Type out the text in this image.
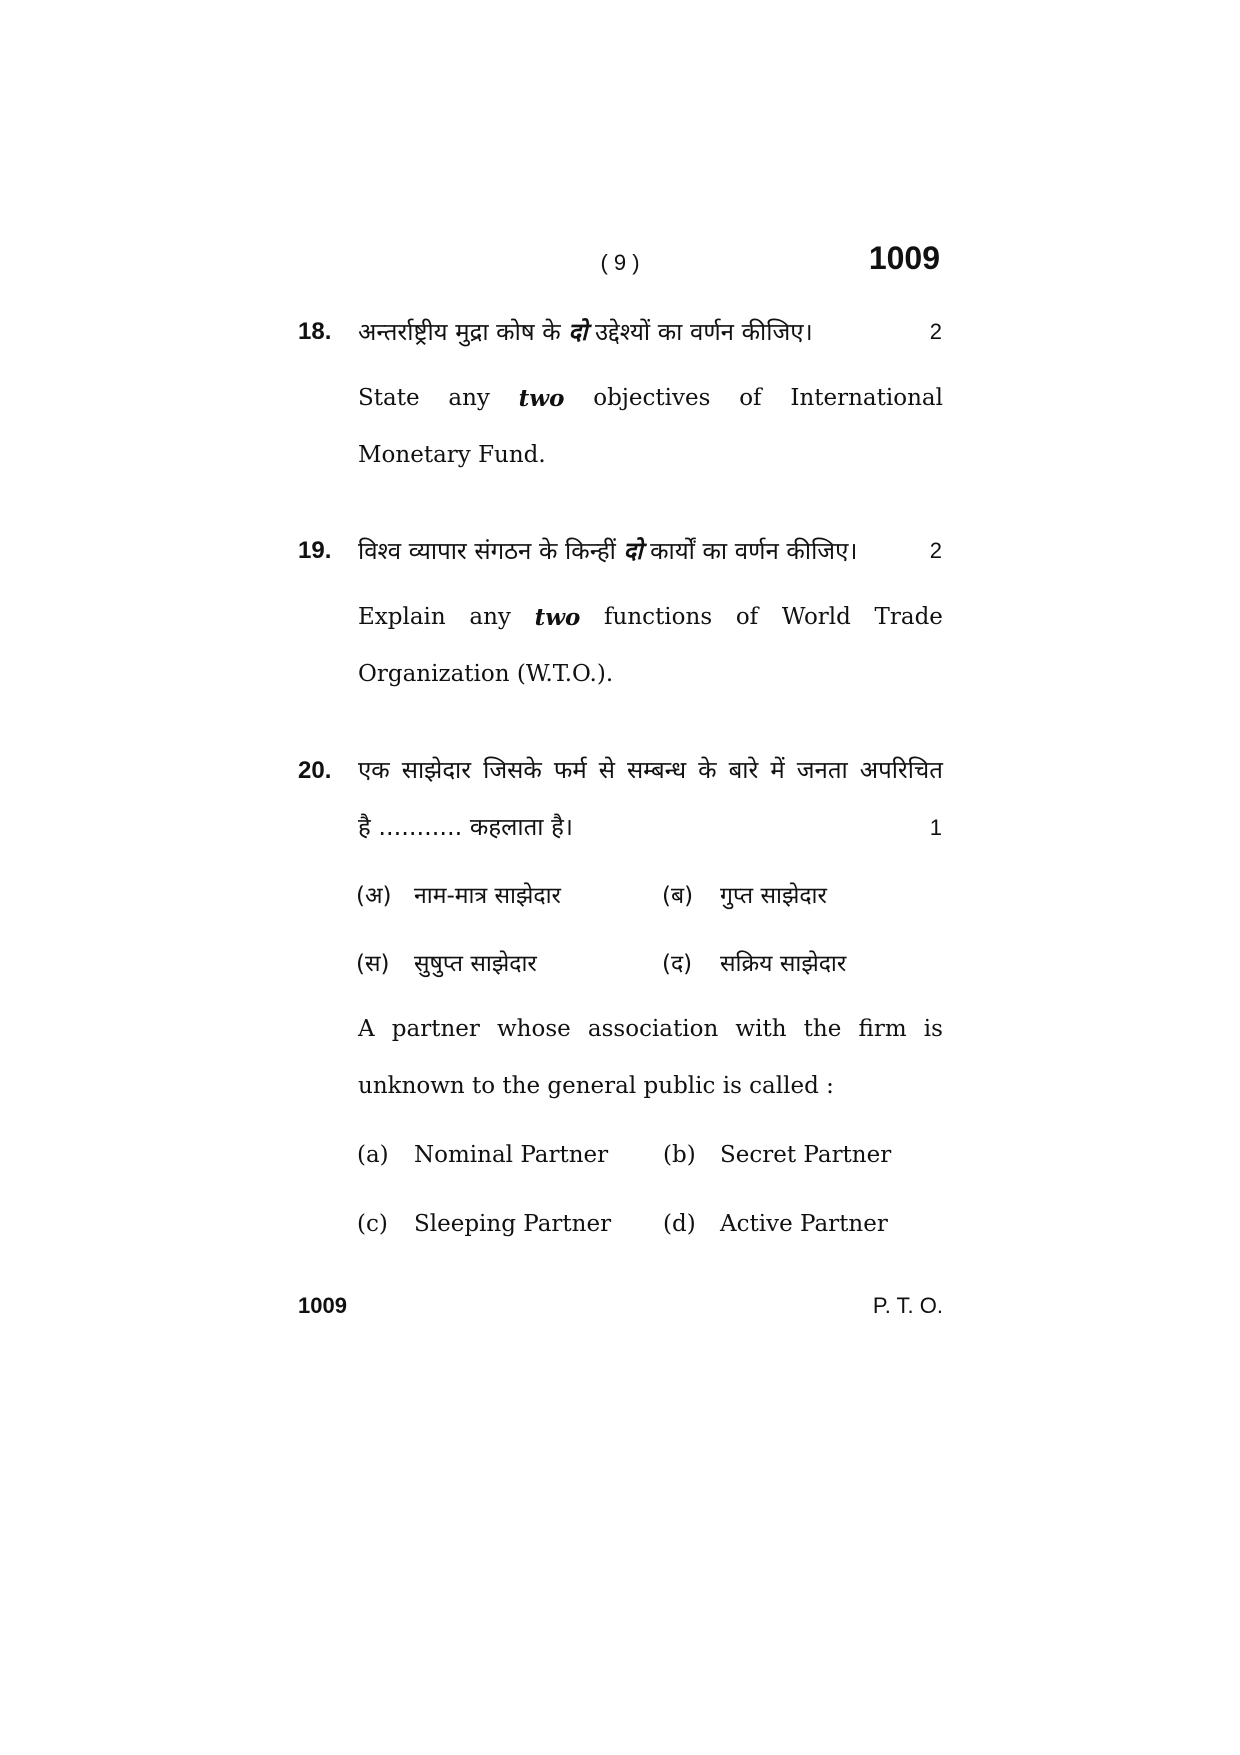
( 9 )	1009
18. अन्तर्राष्ट्रीय मुद्रा कोष के दो उद्देश्यों का वर्णन कीजिए।	2
State any two objectives of International
Monetary Fund.
19. विश्व व्यापार संगठन के किन्हीं दो कार्यों का वर्णन कीजिए।	2
Explain any two functions of World Trade
Organization (W.T.O.).
20. एक साझेदार जिसके फर्म से सम्बन्ध के बारे में जनता अपरिचित
है ........... कहलाता है।	1
(अ) नाम-मात्र साझेदार	(ब) गुप्त साझेदार
(स) सुषुप्त साझेदार	(द) सक्रिय साझेदार
A partner whose association with the firm is
unknown to the general public is called :
(a) Nominal Partner (b) Secret Partner
(c) Sleeping Partner (d) Active Partner
1009	P. T. O.
